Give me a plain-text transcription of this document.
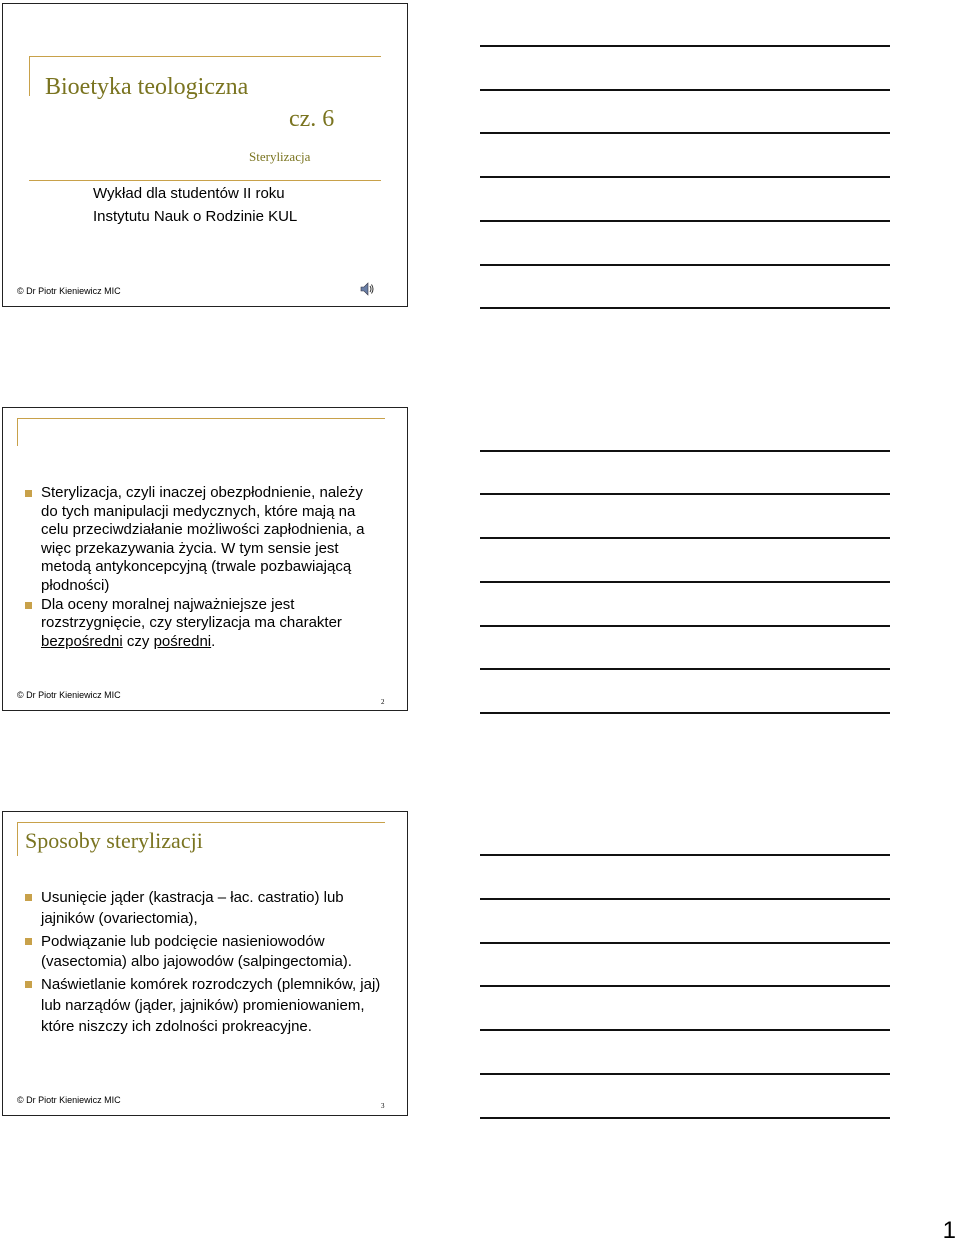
Bioetyka teologiczna
cz. 6
Sterylizacja
Wykład dla studentów II roku
Instytutu Nauk o Rodzinie KUL
© Dr Piotr Kieniewicz MIC
Sterylizacja, czyli inaczej obezpłodnienie, należy do tych manipulacji medycznych, które mają na celu przeciwdziałanie możliwości zapłodnienia, a więc przekazywania życia. W tym sensie jest metodą antykoncepcyjną (trwale pozbawiającą płodności)
Dla oceny moralnej najważniejsze jest rozstrzygnięcie, czy sterylizacja ma charakter bezpośredni czy pośredni.
© Dr Piotr Kieniewicz MIC
2
Sposoby sterylizacji
Usunięcie jąder (kastracja – łac. castratio) lub jajników (ovariectomia),
Podwiązanie lub podcięcie nasieniowodów (vasectomia) albo jajowodów (salpingectomia).
Naświetlanie komórek rozrodczych (plemników, jaj) lub narządów (jąder, jajników) promieniowaniem, które niszczy ich zdolności prokreacyjne.
© Dr Piotr Kieniewicz MIC
3
1
